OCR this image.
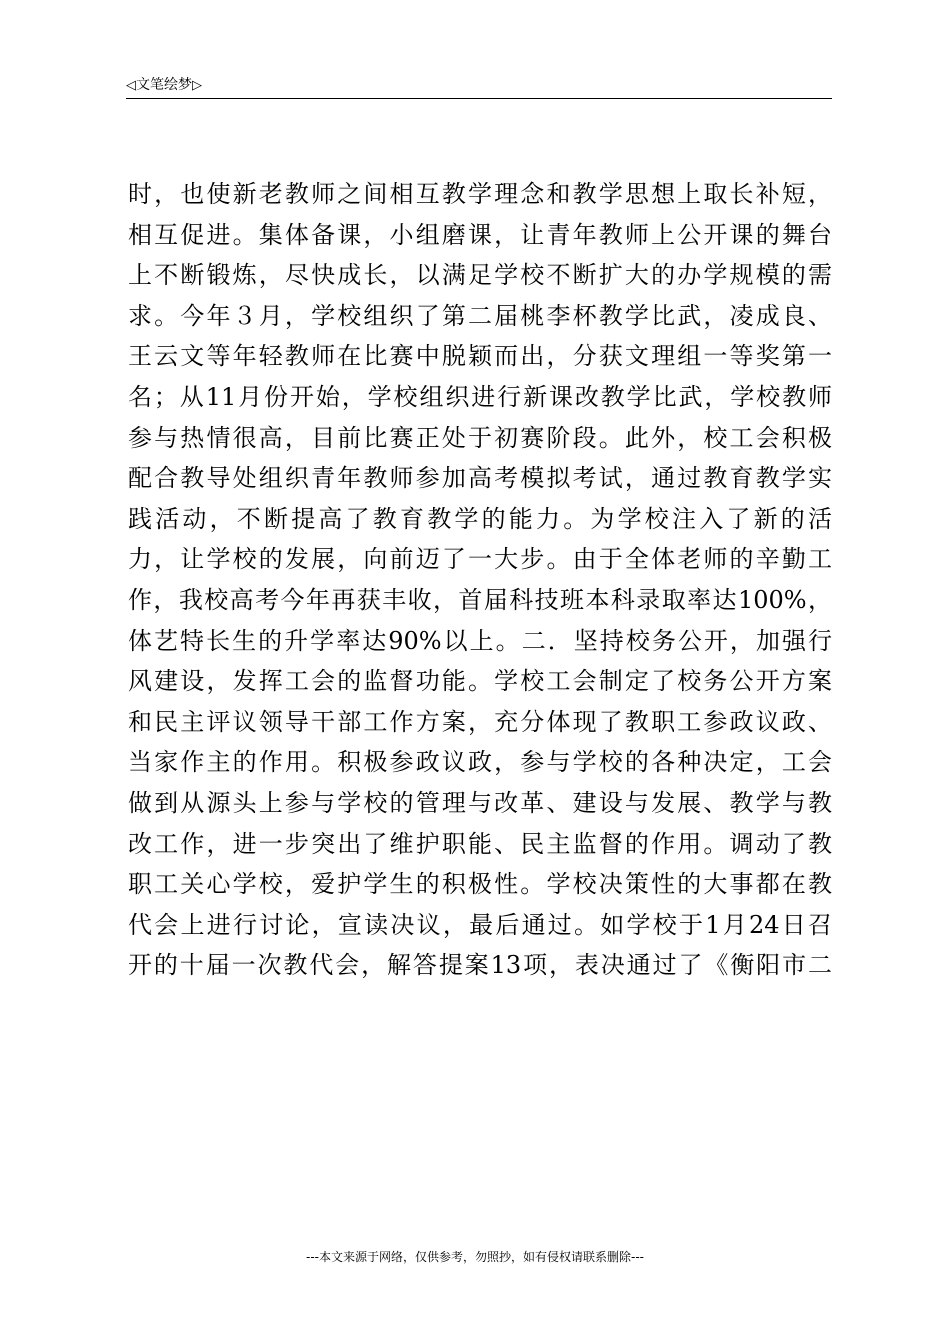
◁文笔绘梦▷
时，也使新老教师之间相互教学理念和教学思想上取长补短，
相互促进。集体备课，小组磨课，让青年教师上公开课的舞台
上不断锻炼，尽快成长，以满足学校不断扩大的办学规模的需
求。今年３月，学校组织了第二届桃李杯教学比武，凌成良、
王云文等年轻教师在比赛中脱颖而出，分获文理组一等奖第一
名；从11月份开始，学校组织进行新课改教学比武，学校教师
参与热情很高，目前比赛正处于初赛阶段。此外，校工会积极
配合教导处组织青年教师参加高考模拟考试，通过教育教学实
践活动，不断提高了教育教学的能力。为学校注入了新的活
力，让学校的发展，向前迈了一大步。由于全体老师的辛勤工
作，我校高考今年再获丰收，首届科技班本科录取率达100%，
体艺特长生的升学率达90%以上。二．坚持校务公开，加强行
风建设，发挥工会的监督功能。学校工会制定了校务公开方案
和民主评议领导干部工作方案，充分体现了教职工参政议政、
当家作主的作用。积极参政议政，参与学校的各种决定，工会
做到从源头上参与学校的管理与改革、建设与发展、教学与教
改工作，进一步突出了维护职能、民主监督的作用。调动了教
职工关心学校，爱护学生的积极性。学校决策性的大事都在教
代会上进行讨论，宣读决议，最后通过。如学校于1月24日召
开的十届一次教代会，解答提案13项，表决通过了《衡阳市二
---本文来源于网络，仅供参考，勿照抄，如有侵权请联系删除---
